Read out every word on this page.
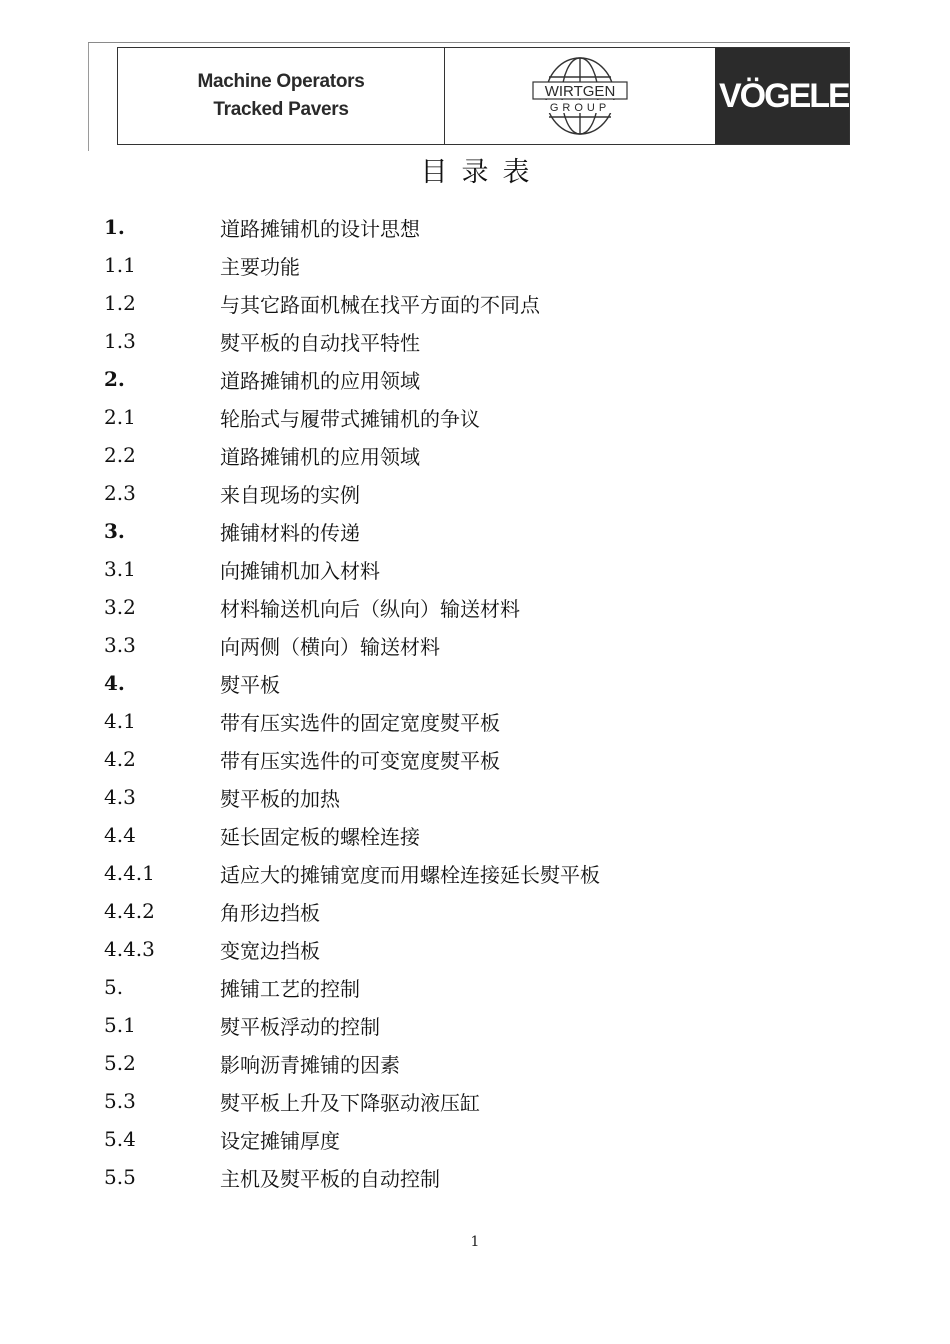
Machine Operators
Tracked Pavers
WIRTGEN
GROUP	VÖGELE
目录表
1.	道路摊铺机的设计思想
1.1	主要功能
1.2	与其它路面机械在找平方面的不同点
1.3	熨平板的自动找平特性
2.	道路摊铺机的应用领域
2.1	轮胎式与履带式摊铺机的争议
2.2	道路摊铺机的应用领域
2.3	来自现场的实例
3.	摊铺材料的传递
3.1	向摊铺机加入材料
3.2	材料输送机向后（纵向）输送材料
3.3	向两侧（横向）输送材料
4.	熨平板
4.1	带有压实选件的固定宽度熨平板
4.2	带有压实选件的可变宽度熨平板
4.3	熨平板的加热
4.4	延长固定板的螺栓连接
4.4.1	适应大的摊铺宽度而用螺栓连接延长熨平板
4.4.2	角形边挡板
4.4.3	变宽边挡板
5.	摊铺工艺的控制
5.1	熨平板浮动的控制
5.2	影响沥青摊铺的因素
5.3	熨平板上升及下降驱动液压缸
5.4	设定摊铺厚度
5.5	主机及熨平板的自动控制
1
